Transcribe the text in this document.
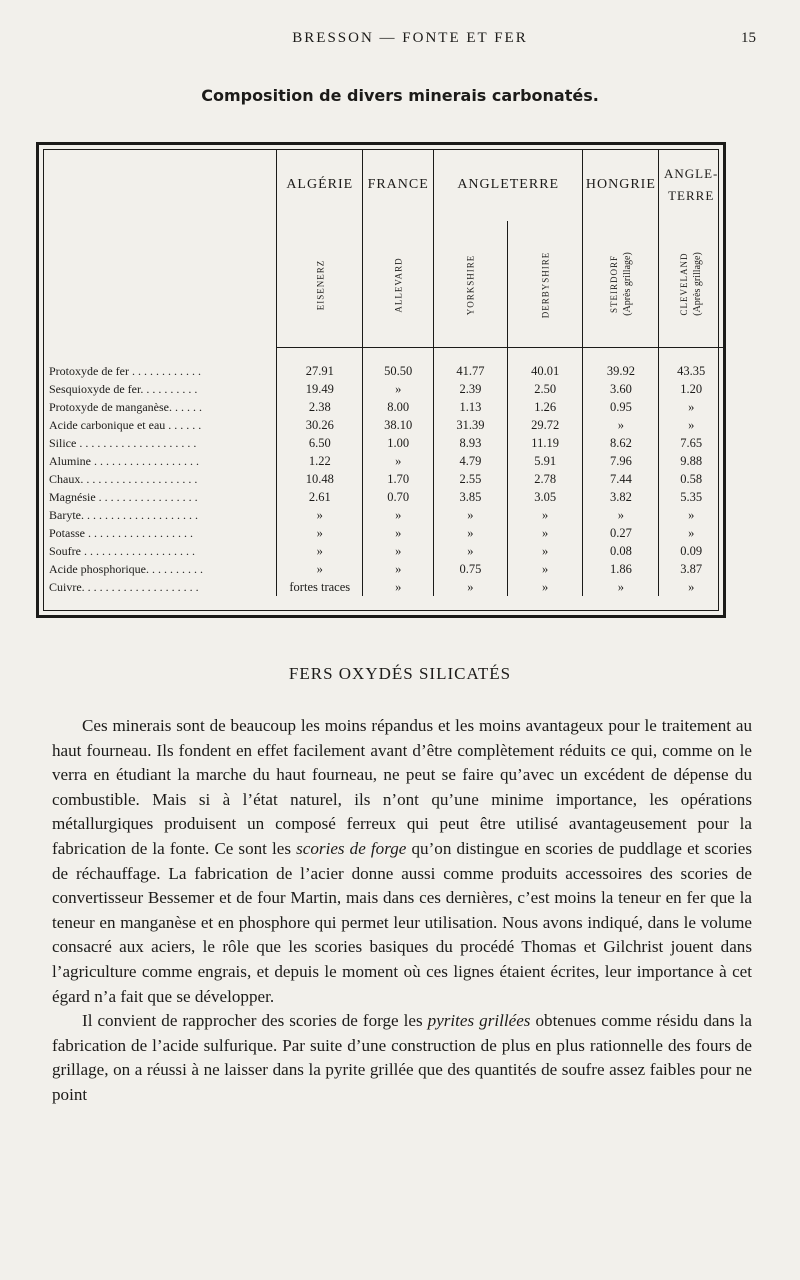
BRESSON — FONTE ET FER	15
Composition de divers minerais carbonatés.
	ALGÉRIE	FRANCE	ANGLETERRE		HONGRIE	ANGLE-
TERRE
	EISENERZ	ALLEVARD	YORKSHIRE	DERBYSHIRE	STEIRDORF (Après grillage)	CLEVELAND (Après grillage)

Protoxyde de fer . . . . . . . . . . . .	27.91	50.50	41.77	40.01	39.92	43.35
Sesquioxyde de fer. . . . . . . . . .	19.49	»	2.39	2.50	3.60	1.20
Protoxyde de manganèse. . . . . .	2.38	8.00	1.13	1.26	0.95	»
Acide carbonique et eau . . . . . .	30.26	38.10	31.39	29.72	»	»
Silice . . . . . . . . . . . . . . . . . . . .	6.50	1.00	8.93	11.19	8.62	7.65
Alumine . . . . . . . . . . . . . . . . . .	1.22	»	4.79	5.91	7.96	9.88
Chaux. . . . . . . . . . . . . . . . . . . .	10.48	1.70	2.55	2.78	7.44	0.58
Magnésie . . . . . . . . . . . . . . . . .	2.61	0.70	3.85	3.05	3.82	5.35
Baryte. . . . . . . . . . . . . . . . . . . .	»	»	»	»	»	»
Potasse . . . . . . . . . . . . . . . . . .	»	»	»	»	0.27	»
Soufre . . . . . . . . . . . . . . . . . . .	»	»	»	»	0.08	0.09
Acide phosphorique. . . . . . . . . .	»	»	0.75	»	1.86	3.87
Cuivre. . . . . . . . . . . . . . . . . . . .	fortes traces	»	»	»	»	»
FERS OXYDÉS SILICATÉS

Ces minerais sont de beaucoup les moins répandus et les moins avantageux pour le traitement au haut fourneau. Ils fondent en effet facilement avant d’être complètement réduits ce qui, comme on le verra en étudiant la marche du haut fourneau, ne peut se faire qu’avec un excédent de dépense du combustible. Mais si à l’état naturel, ils n’ont qu’une minime importance, les opérations métallurgiques produisent un composé ferreux qui peut être utilisé avantageusement pour la fabrication de la fonte. Ce sont les scories de forge qu’on distingue en scories de puddlage et scories de réchauffage. La fabrication de l’acier donne aussi comme produits accessoires des scories de convertisseur Bessemer et de four Martin, mais dans ces dernières, c’est moins la teneur en fer que la teneur en manganèse et en phosphore qui permet leur utilisation. Nous avons indiqué, dans le volume consacré aux aciers, le rôle que les scories basiques du procédé Thomas et Gilchrist jouent dans l’agriculture comme engrais, et depuis le moment où ces lignes étaient écrites, leur importance à cet égard n’a fait que se développer.

Il convient de rapprocher des scories de forge les pyrites grillées obtenues comme résidu dans la fabrication de l’acide sulfurique. Par suite d’une construction de plus en plus rationnelle des fours de grillage, on a réussi à ne laisser dans la pyrite grillée que des quantités de soufre assez faibles pour ne point
